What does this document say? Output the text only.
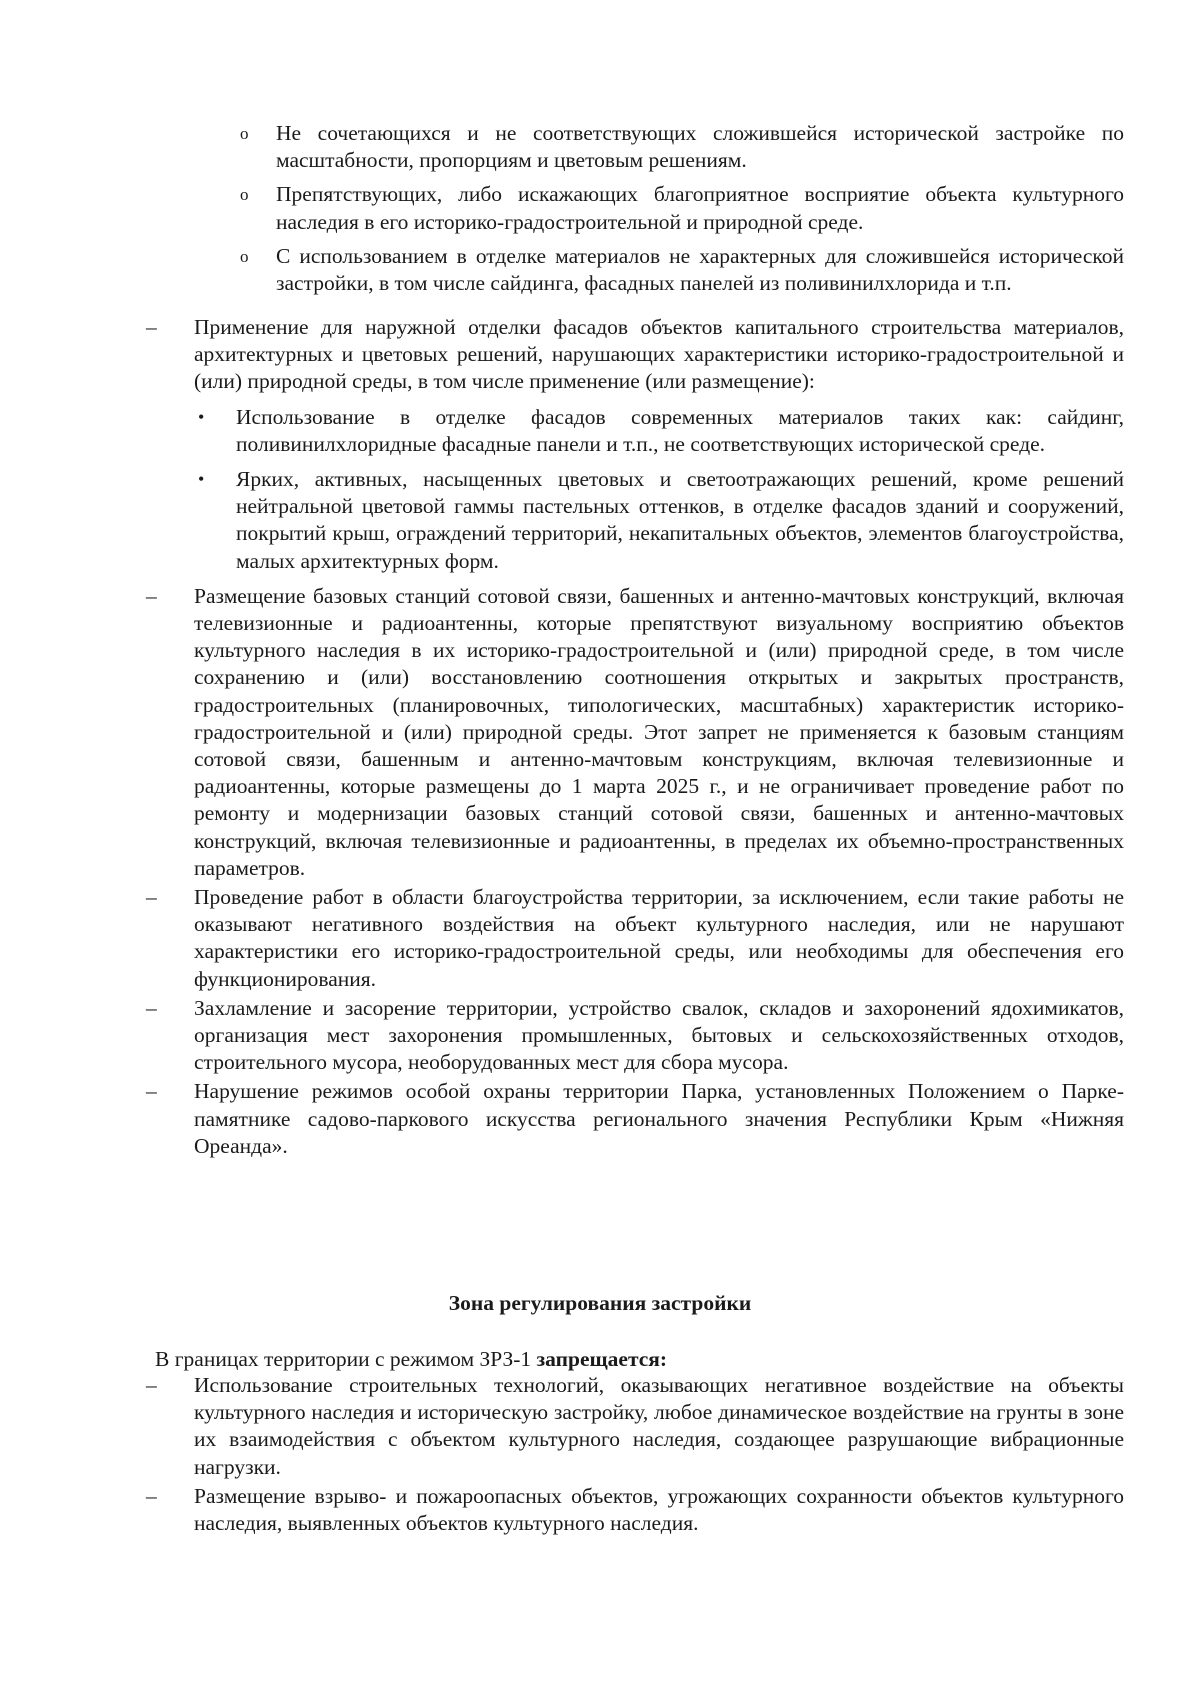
o Не сочетающихся и не соответствующих сложившейся исторической застройке по масштабности, пропорциям и цветовым решениям.
o Препятствующих, либо искажающих благоприятное восприятие объекта культурного наследия в его историко-градостроительной и природной среде.
o С использованием в отделке материалов не характерных для сложившейся исторической застройки, в том числе сайдинга, фасадных панелей из поливинилхлорида и т.п.
– Применение для наружной отделки фасадов объектов капитального строительства материалов, архитектурных и цветовых решений, нарушающих характеристики историко-градостроительной и (или) природной среды, в том числе применение (или размещение):
• Использование в отделке фасадов современных материалов таких как: сайдинг, поливинилхлоридные фасадные панели и т.п., не соответствующих исторической среде.
• Ярких, активных, насыщенных цветовых и светоотражающих решений, кроме решений нейтральной цветовой гаммы пастельных оттенков, в отделке фасадов зданий и сооружений, покрытий крыш, ограждений территорий, некапитальных объектов, элементов благоустройства, малых архитектурных форм.
– Размещение базовых станций сотовой связи, башенных и антенно-мачтовых конструкций, включая телевизионные и радиоантенны, которые препятствуют визуальному восприятию объектов культурного наследия в их историко-градостроительной и (или) природной среде, в том числе сохранению и (или) восстановлению соотношения открытых и закрытых пространств, градостроительных (планировочных, типологических, масштабных) характеристик историко-градостроительной и (или) природной среды. Этот запрет не применяется к базовым станциям сотовой связи, башенным и антенно-мачтовым конструкциям, включая телевизионные и радиоантенны, которые размещены до 1 марта 2025 г., и не ограничивает проведение работ по ремонту и модернизации базовых станций сотовой связи, башенных и антенно-мачтовых конструкций, включая телевизионные и радиоантенны, в пределах их объемно-пространственных параметров.
– Проведение работ в области благоустройства территории, за исключением, если такие работы не оказывают негативного воздействия на объект культурного наследия, или не нарушают характеристики его историко-градостроительной среды, или необходимы для обеспечения его функционирования.
– Захламление и засорение территории, устройство свалок, складов и захоронений ядохимикатов, организация мест захоронения промышленных, бытовых и сельскохозяйственных отходов, строительного мусора, необорудованных мест для сбора мусора.
– Нарушение режимов особой охраны территории Парка, установленных Положением о Парке-памятнике садово-паркового искусства регионального значения Республики Крым «Нижняя Ореанда».
Зона регулирования застройки
В границах территории с режимом ЗРЗ-1 запрещается:
– Использование строительных технологий, оказывающих негативное воздействие на объекты культурного наследия и историческую застройку, любое динамическое воздействие на грунты в зоне их взаимодействия с объектом культурного наследия, создающее разрушающие вибрационные нагрузки.
– Размещение взрыво- и пожароопасных объектов, угрожающих сохранности объектов культурного наследия, выявленных объектов культурного наследия.
